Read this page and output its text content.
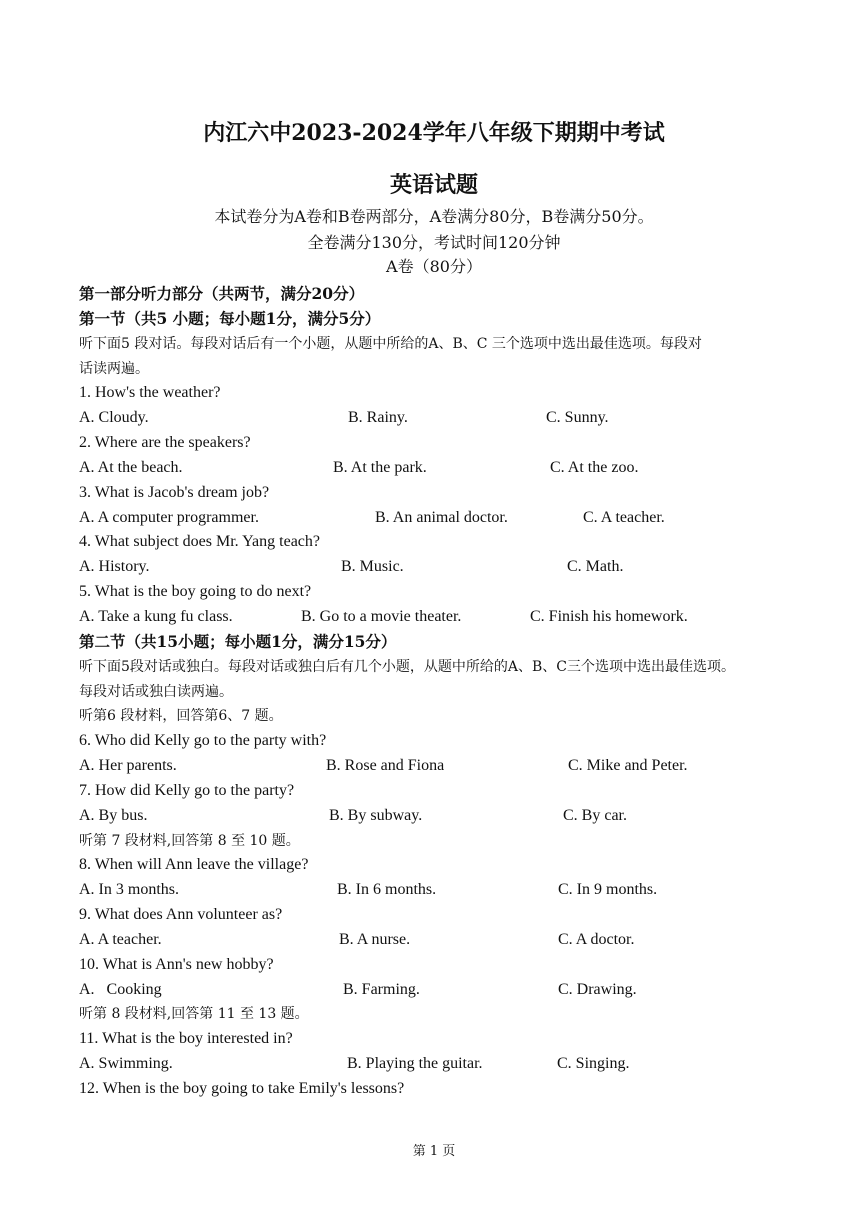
内江六中2023-2024学年八年级下期期中考试
英语试题
本试卷分为A卷和B卷两部分，A卷满分80分，B卷满分50分。
全卷满分130分，考试时间120分钟
A卷（80分）
第一部分听力部分（共两节，满分20分）
第一节（共5 小题；每小题1分，满分5分）
听下面5 段对话。每段对话后有一个小题，从题中所给的A、B、C 三个选项中选出最佳选项。每段对
话读两遍。
1. How's the weather?
A. Cloudy.	B. Rainy.	C. Sunny.
2. Where are the speakers?
A. At the beach.	B. At the park.	C. At the zoo.
3. What is Jacob's dream job?
A. A computer programmer.	B. An animal doctor.	C. A teacher.
4. What subject does Mr. Yang teach?
A. History.	B. Music.	C. Math.
5. What is the boy going to do next?
A. Take a kung fu class.	B. Go to a movie theater.	C. Finish his homework.
第二节（共15小题；每小题1分，满分15分）
听下面5段对话或独白。每段对话或独白后有几个小题，从题中所给的A、B、C三个选项中选出最佳选项。
每段对话或独白读两遍。
听第6 段材料，回答第6、7 题。
6. Who did Kelly go to the party with?
A. Her parents.	B. Rose and Fiona	C. Mike and Peter.
7. How did Kelly go to the party?
A. By bus.	B. By subway.	C. By car.
听第 7 段材料,回答第 8 至 10 题。
8. When will Ann leave the village?
A. In 3 months.	B. In 6 months.	C. In 9 months.
9. What does Ann volunteer as?
A. A teacher.	B. A nurse.	C. A doctor.
10. What is Ann's new hobby?
A.   Cooking	B. Farming.	C. Drawing.
听第 8 段材料,回答第 11 至 13 题。
11. What is the boy interested in?
A. Swimming.	B. Playing the guitar.	C. Singing.
12. When is the boy going to take Emily's lessons?
第 1 页
